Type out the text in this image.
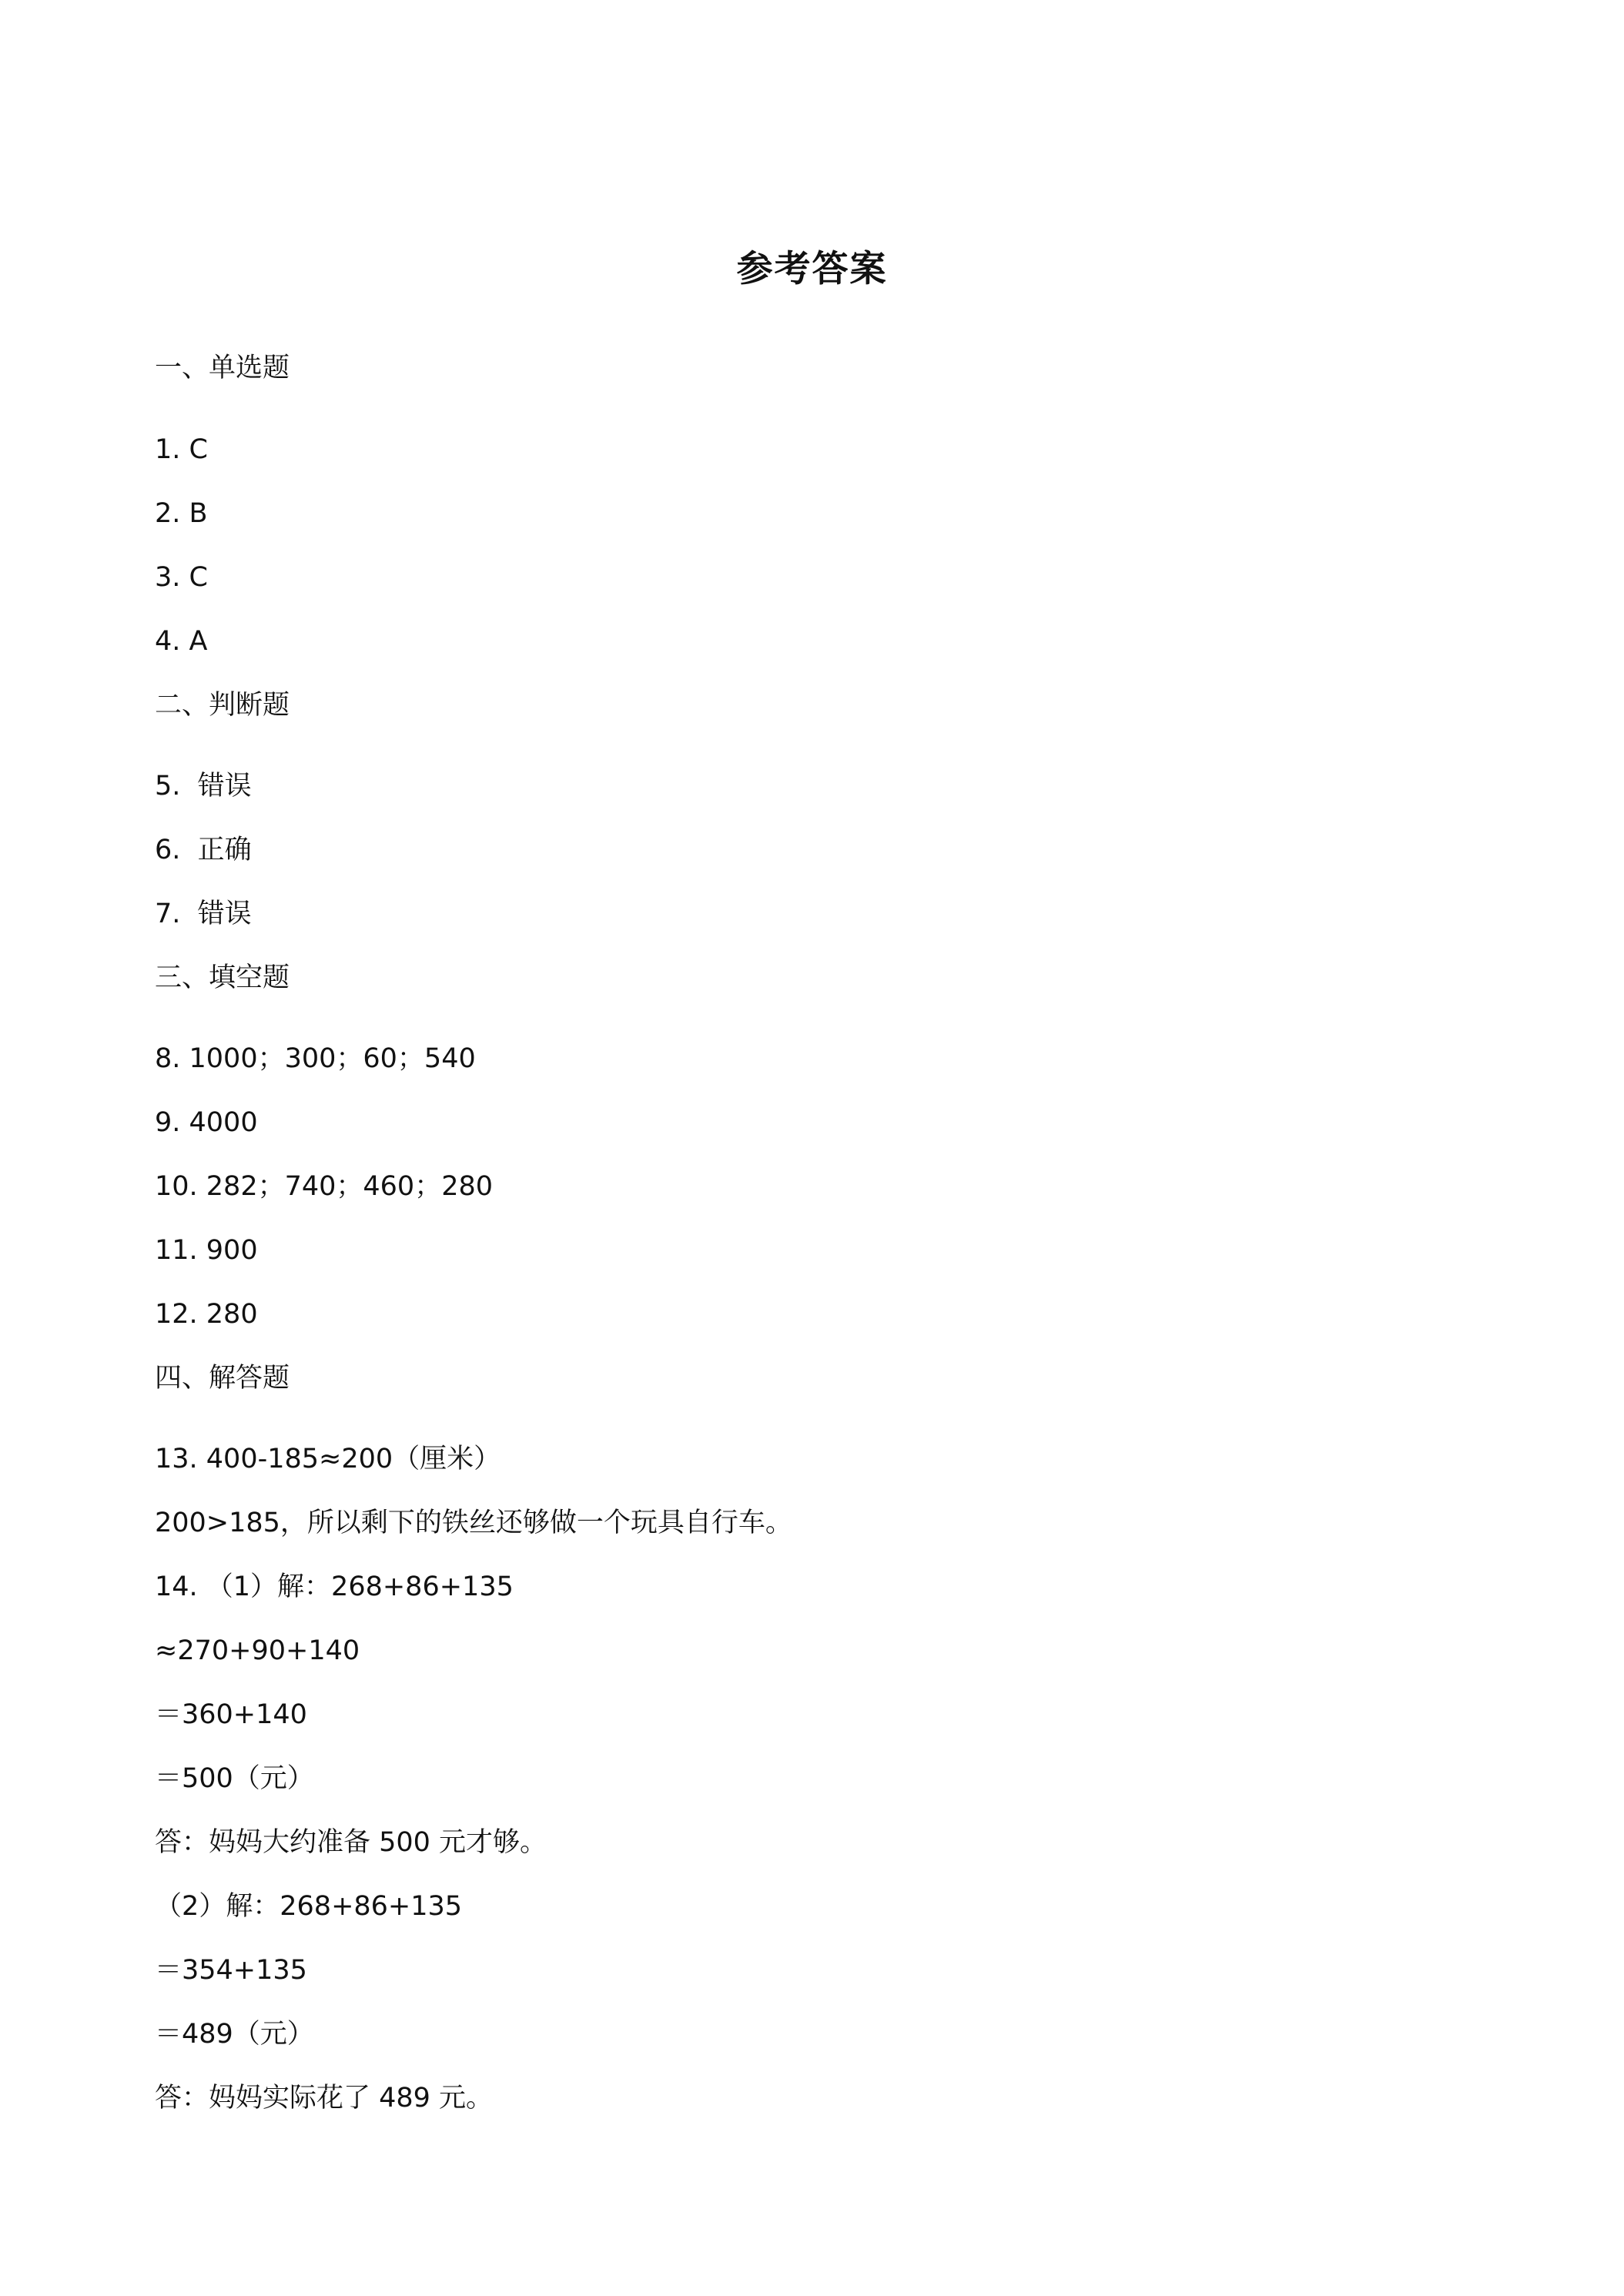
参考答案
一、单选题
1. C
2. B
3. C
4. A
二、判断题
5.  错误
6.  正确
7.  错误
三、填空题
8. 1000；300；60；540
9. 4000
10. 282；740；460；280
11. 900
12. 280
四、解答题
13. 400-185≈200（厘米）
200>185，所以剩下的铁丝还够做一个玩具自行车。
14. （1）解：268+86+135
≈270+90+140
＝360+140
＝500（元）
答：妈妈大约准备 500 元才够。
（2）解：268+86+135
＝354+135
＝489（元）
答：妈妈实际花了 489 元。
